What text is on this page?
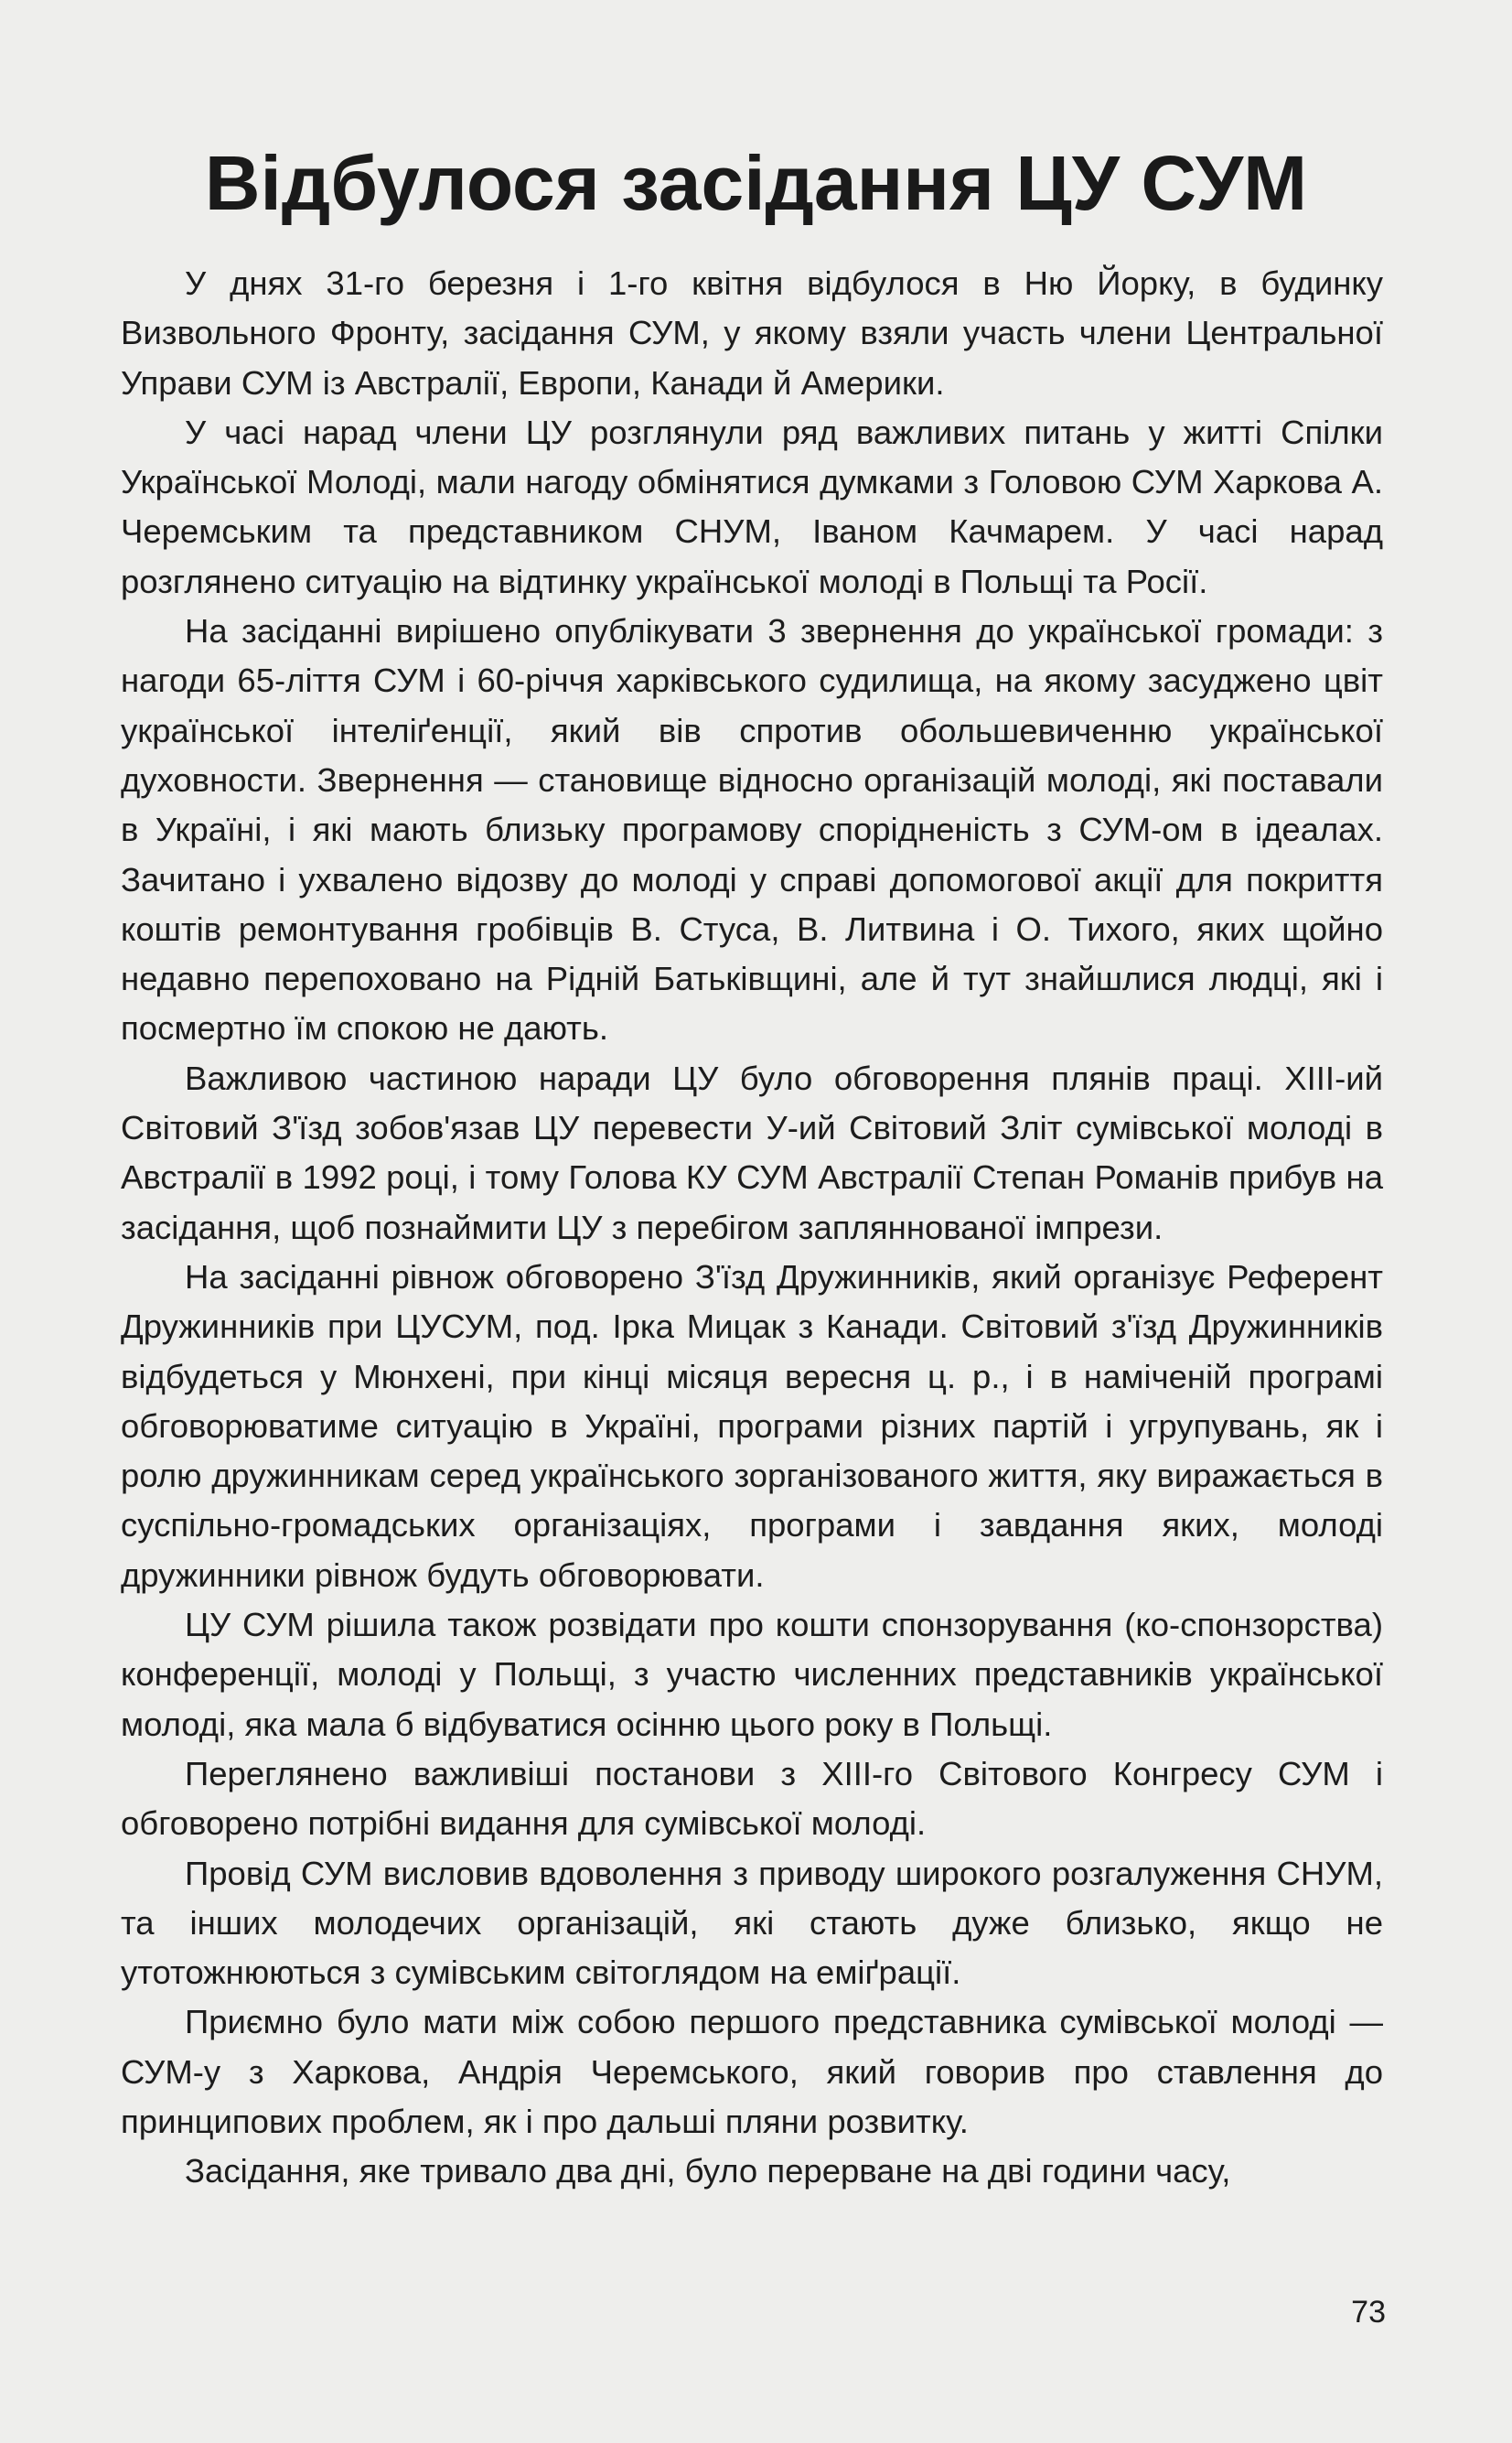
Відбулося засідання ЦУ СУМ

У днях 31-го березня і 1-го квітня відбулося в Ню Йорку, в будинку Визвольного Фронту, засідання СУМ, у якому взяли участь члени Центральної Управи СУМ із Австралії, Европи, Канади й Америки.

У часі нарад члени ЦУ розглянули ряд важливих питань у житті Спілки Української Молоді, мали нагоду обмінятися думками з Головою СУМ Харкова А. Черемським та представником СНУМ, Іваном Качмарем. У часі нарад розглянено ситуацію на відтинку української молоді в Польщі та Росії.

На засіданні вирішено опублікувати 3 звернення до української громади: з нагоди 65-ліття СУМ і 60-річчя харківського судилища, на якому засуджено цвіт української інтеліґенції, який вів спротив обольшевиченню української духовности. Звернення — становище відносно організацій молоді, які поставали в Україні, і які мають близьку програмову спорідненість з СУМ-ом в ідеалах. Зачитано і ухвалено відозву до молоді у справі допомогової акції для покриття коштів ремонтування гробівців В. Стуса, В. Литвина і О. Тихого, яких щойно недавно перепоховано на Рідній Батьківщині, але й тут знайшлися людці, які і посмертно їм спокою не дають.

Важливою частиною наради ЦУ було обговорення плянів праці. XIII-ий Світовий З'їзд зобов'язав ЦУ перевести У-ий Світовий Зліт сумівської молоді в Австралії в 1992 році, і тому Голова КУ СУМ Австралії Степан Романів прибув на засідання, щоб познаймити ЦУ з перебігом запляннованої імпрези.

На засіданні рівнож обговорено З'їзд Дружинників, який організує Референт Дружинників при ЦУСУМ, под. Ірка Мицак з Канади. Світовий з'їзд Дружинників відбудеться у Мюнхені, при кінці місяця вересня ц. р., і в наміченій програмі обговорюватиме ситуацію в Україні, програми різних партій і угрупувань, як і ролю дружинникам серед українського зорганізованого життя, яку виражається в суспільно-громадських організаціях, програми і завдання яких, молоді дружинники рівнож будуть обговорювати.

ЦУ СУМ рішила також розвідати про кошти спонзорування (ко-спонзорства) конференції, молоді у Польщі, з участю численних представників української молоді, яка мала б відбуватися осінню цього року в Польщі.

Переглянено важливіші постанови з XIII-го Світового Конгресу СУМ і обговорено потрібні видання для сумівської молоді.

Провід СУМ висловив вдоволення з приводу широкого розгалуження СНУМ, та інших молодечих організацій, які стають дуже близько, якщо не утотожнюються з сумівським світоглядом на еміґрації.

Приємно було мати між собою першого представника сумівської молоді — СУМ-у з Харкова, Андрія Черемського, який говорив про ставлення до принципових проблем, як і про дальші пляни розвитку.

Засідання, яке тривало два дні, було перерване на дві години часу,

73
